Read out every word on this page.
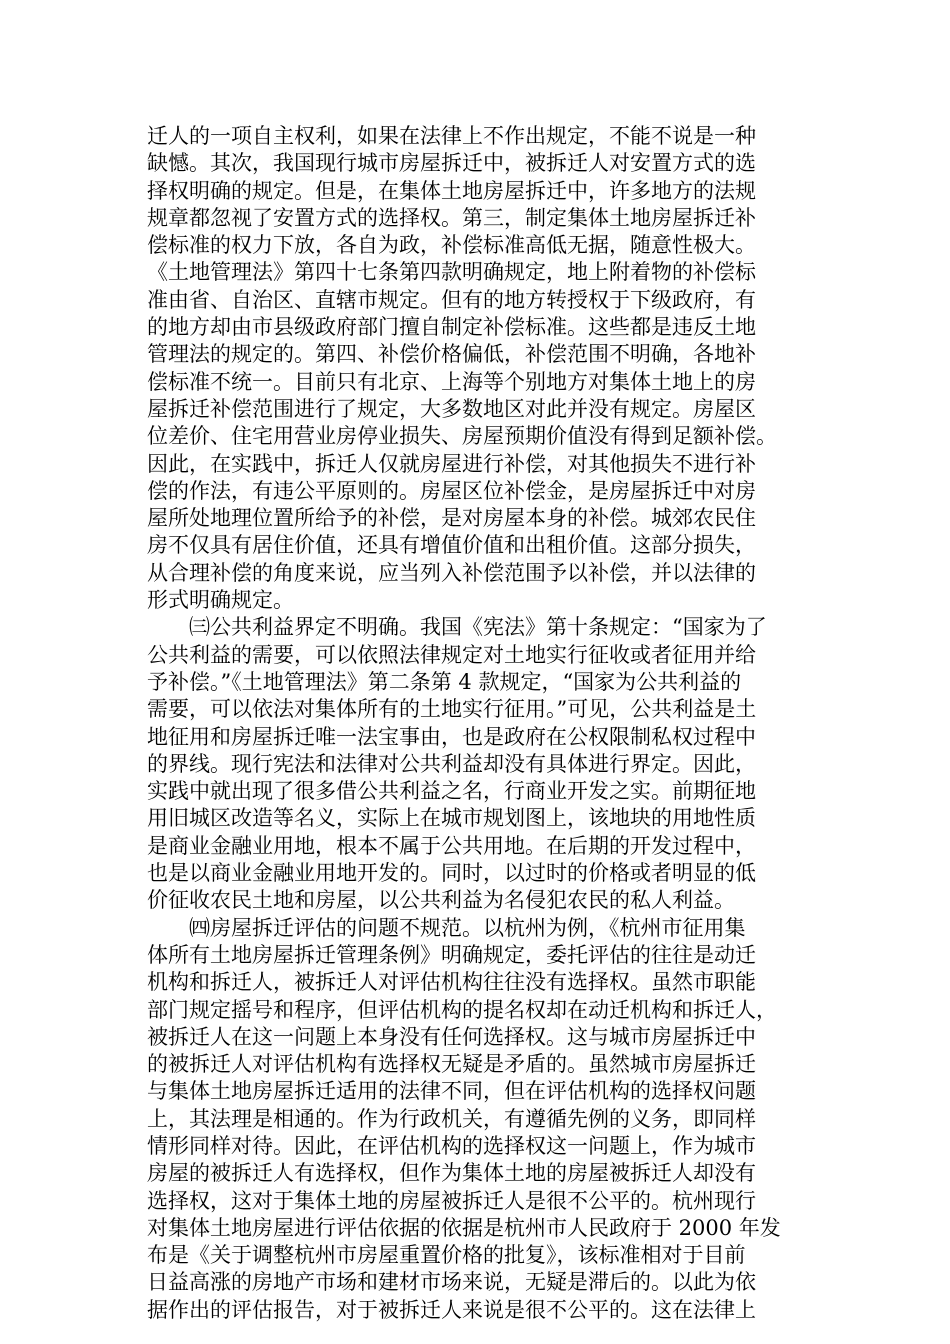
迁人的一项自主权利，如果在法律上不作出规定，不能不说是一种
缺憾。其次，我国现行城市房屋拆迁中，被拆迁人对安置方式的选
择权明确的规定。但是，在集体土地房屋拆迁中，许多地方的法规
规章都忽视了安置方式的选择权。第三，制定集体土地房屋拆迁补
偿标准的权力下放，各自为政，补偿标准高低无据，随意性极大。
《土地管理法》第四十七条第四款明确规定，地上附着物的补偿标
准由省、自治区、直辖市规定。但有的地方转授权于下级政府，有
的地方却由市县级政府部门擅自制定补偿标准。这些都是违反土地
管理法的规定的。第四、补偿价格偏低，补偿范围不明确，各地补
偿标准不统一。目前只有北京、上海等个别地方对集体土地上的房
屋拆迁补偿范围进行了规定，大多数地区对此并没有规定。房屋区
位差价、住宅用营业房停业损失、房屋预期价值没有得到足额补偿。
因此，在实践中，拆迁人仅就房屋进行补偿，对其他损失不进行补
偿的作法，有违公平原则的。房屋区位补偿金，是房屋拆迁中对房
屋所处地理位置所给予的补偿，是对房屋本身的补偿。城郊农民住
房不仅具有居住价值，还具有增值价值和出租价值。这部分损失，
从合理补偿的角度来说，应当列入补偿范围予以补偿，并以法律的
形式明确规定。
　　㈢公共利益界定不明确。我国《宪法》第十条规定：“国家为了
公共利益的需要，可以依照法律规定对土地实行征收或者征用并给
予补偿。”《土地管理法》第二条第 4 款规定，“国家为公共利益的
需要，可以依法对集体所有的土地实行征用。”可见，公共利益是土
地征用和房屋拆迁唯一法宝事由，也是政府在公权限制私权过程中
的界线。现行宪法和法律对公共利益却没有具体进行界定。因此，
实践中就出现了很多借公共利益之名，行商业开发之实。前期征地
用旧城区改造等名义，实际上在城市规划图上，该地块的用地性质
是商业金融业用地，根本不属于公共用地。在后期的开发过程中，
也是以商业金融业用地开发的。同时，以过时的价格或者明显的低
价征收农民土地和房屋，以公共利益为名侵犯农民的私人利益。
　　㈣房屋拆迁评估的问题不规范。以杭州为例，《杭州市征用集
体所有土地房屋拆迁管理条例》明确规定，委托评估的往往是动迁
机构和拆迁人，被拆迁人对评估机构往往没有选择权。虽然市职能
部门规定摇号和程序，但评估机构的提名权却在动迁机构和拆迁人，
被拆迁人在这一问题上本身没有任何选择权。这与城市房屋拆迁中
的被拆迁人对评估机构有选择权无疑是矛盾的。虽然城市房屋拆迁
与集体土地房屋拆迁适用的法律不同，但在评估机构的选择权问题
上，其法理是相通的。作为行政机关，有遵循先例的义务，即同样
情形同样对待。因此，在评估机构的选择权这一问题上，作为城市
房屋的被拆迁人有选择权，但作为集体土地的房屋被拆迁人却没有
选择权，这对于集体土地的房屋被拆迁人是很不公平的。杭州现行
对集体土地房屋进行评估依据的依据是杭州市人民政府于 2000 年发
布是《关于调整杭州市房屋重置价格的批复》，该标准相对于目前
日益高涨的房地产市场和建材市场来说，无疑是滞后的。以此为依
据作出的评估报告，对于被拆迁人来说是很不公平的。这在法律上
